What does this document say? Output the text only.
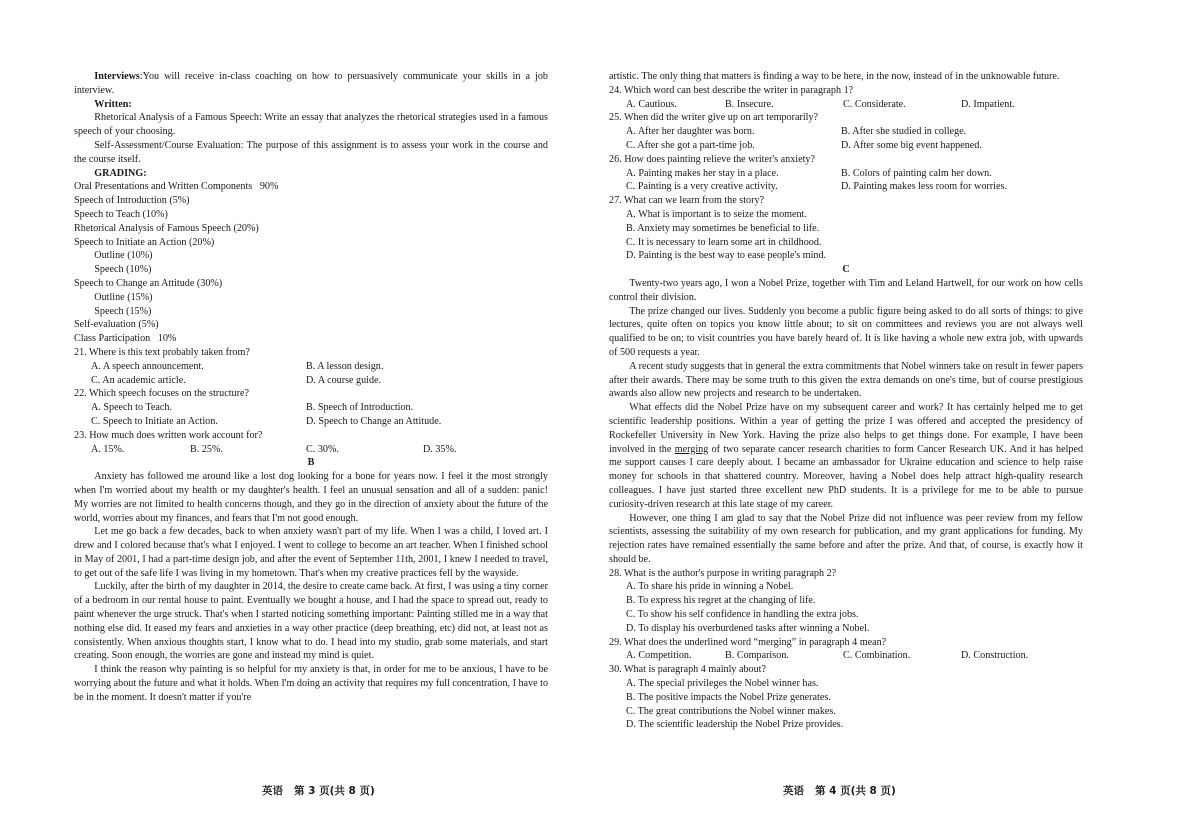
Interviews:You will receive in-class coaching on how to persuasively communicate your skills in a job interview.

Written:

Rhetorical Analysis of a Famous Speech: Write an essay that analyzes the rhetorical strategies used in a famous speech of your choosing.

Self-Assessment/Course Evaluation: The purpose of this assignment is to assess your work in the course and the course itself.

GRADING:

Oral Presentations and Written Components   90%
Speech of Introduction (5%)
Speech to Teach (10%)
Rhetorical Analysis of Famous Speech (20%)
Speech to Initiate an Action (20%)
Outline (10%)
Speech (10%)
Speech to Change an Attitude (30%)
Outline (15%)
Speech (15%)
Self-evaluation (5%)
Class Participation   10%
21. Where is this text probably taken from?
A. A speech announcement.	B. A lesson design.
C. An academic article.	D. A course guide.
22. Which speech focuses on the structure?
A. Speech to Teach.	B. Speech of Introduction.
C. Speech to Initiate an Action.	D. Speech to Change an Attitude.
23. How much does written work account for?
A. 15%.	B. 25%.	C. 30%.	D. 35%.

B

Anxiety has followed me around like a lost dog looking for a bone for years now. I feel it the most strongly when I'm worried about my health or my daughter's health. I feel an unusual sensation and all of a sudden: panic! My worries are not limited to health concerns though, and they go in the direction of anxiety about the future of the world, worries about my finances, and fears that I'm not good enough.

Let me go back a few decades, back to when anxiety wasn't part of my life. When I was a child, I loved art. I drew and I colored because that's what I enjoyed. I went to college to become an art teacher. When I finished school in May of 2001, I had a part-time design job, and after the event of September 11th, 2001, I knew I needed to travel, to get out of the safe life I was living in my hometown. That's when my creative practices fell by the wayside.

Luckily, after the birth of my daughter in 2014, the desire to create came back. At first, I was using a tiny corner of a bedroom in our rental house to paint. Eventually we bought a house, and I had the space to spread out, ready to paint whenever the urge struck. That's when I started noticing something important: Painting stilled me in a way that nothing else did. It eased my fears and anxieties in a way other practice (deep breathing, etc) did not, at least not as consistently. When anxious thoughts start, I know what to do. I head into my studio, grab some materials, and start creating. Soon enough, the worries are gone and instead my mind is quiet.

I think the reason why painting is so helpful for my anxiety is that, in order for me to be anxious, I have to be worrying about the future and what it holds. When I'm doing an activity that requires my full concentration, I have to be in the moment. It doesn't matter if you're

artistic. The only thing that matters is finding a way to be here, in the now, instead of in the unknowable future.

24. Which word can best describe the writer in paragraph 1?
A. Cautious.	B. Insecure.	C. Considerate.	D. Impatient.
25. When did the writer give up on art temporarily?
A. After her daughter was born.	B. After she studied in college.
C. After she got a part-time job.	D. After some big event happened.
26. How does painting relieve the writer's anxiety?
A. Painting makes her stay in a place.	B. Colors of painting calm her down.
C. Painting is a very creative activity.	D. Painting makes less room for worries.
27. What can we learn from the story?

A. What is important is to seize the moment.

B. Anxiety may sometimes be beneficial to life.

C. It is necessary to learn some art in childhood.

D. Painting is the best way to ease people's mind.

C

Twenty-two years ago, I won a Nobel Prize, together with Tim and Leland Hartwell, for our work on how cells control their division.

The prize changed our lives. Suddenly you become a public figure being asked to do all sorts of things: to give lectures, quite often on topics you know little about; to sit on committees and reviews you are not always well qualified to be on; to visit countries you have barely heard of. It is like having a whole new extra job, with upwards of 500 requests a year.

A recent study suggests that in general the extra commitments that Nobel winners take on result in fewer papers after their awards. There may be some truth to this given the extra demands on one's time, but of course prestigious awards also allow new projects and research to be undertaken.

What effects did the Nobel Prize have on my subsequent career and work? It has certainly helped me to get scientific leadership positions. Within a year of getting the prize I was offered and accepted the presidency of Rockefeller University in New York. Having the prize also helps to get things done. For example, I have been involved in the merging of two separate cancer research charities to form Cancer Research UK. And it has helped me support causes I care deeply about. I became an ambassador for Ukraine education and science to help raise money for schools in that shattered country. Moreover, having a Nobel does help attract high-quality research colleagues. I have just started three excellent new PhD students. It is a privilege for me to be able to pursue curiosity-driven research at this late stage of my career.

However, one thing I am glad to say that the Nobel Prize did not influence was peer review from my fellow scientists, assessing the suitability of my own research for publication, and my grant applications for funding. My rejection rates have remained essentially the same before and after the prize. And that, of course, is exactly how it should be.

28. What is the author's purpose in writing paragraph 2?

A. To share his pride in winning a Nobel.

B. To express his regret at the changing of life.

C. To show his self confidence in handling the extra jobs.

D. To display his overburdened tasks after winning a Nobel.

29. What does the underlined word “merging” in paragraph 4 mean?
A. Competition.	B. Comparison.	C. Combination.	D. Construction.
30. What is paragraph 4 mainly about?

A. The special privileges the Nobel winner has.

B. The positive impacts the Nobel Prize generates.

C. The great contributions the Nobel winner makes.

D. The scientific leadership the Nobel Prize provides.

英语   第 3 页(共 8 页)	英语   第 4 页(共 8 页)
